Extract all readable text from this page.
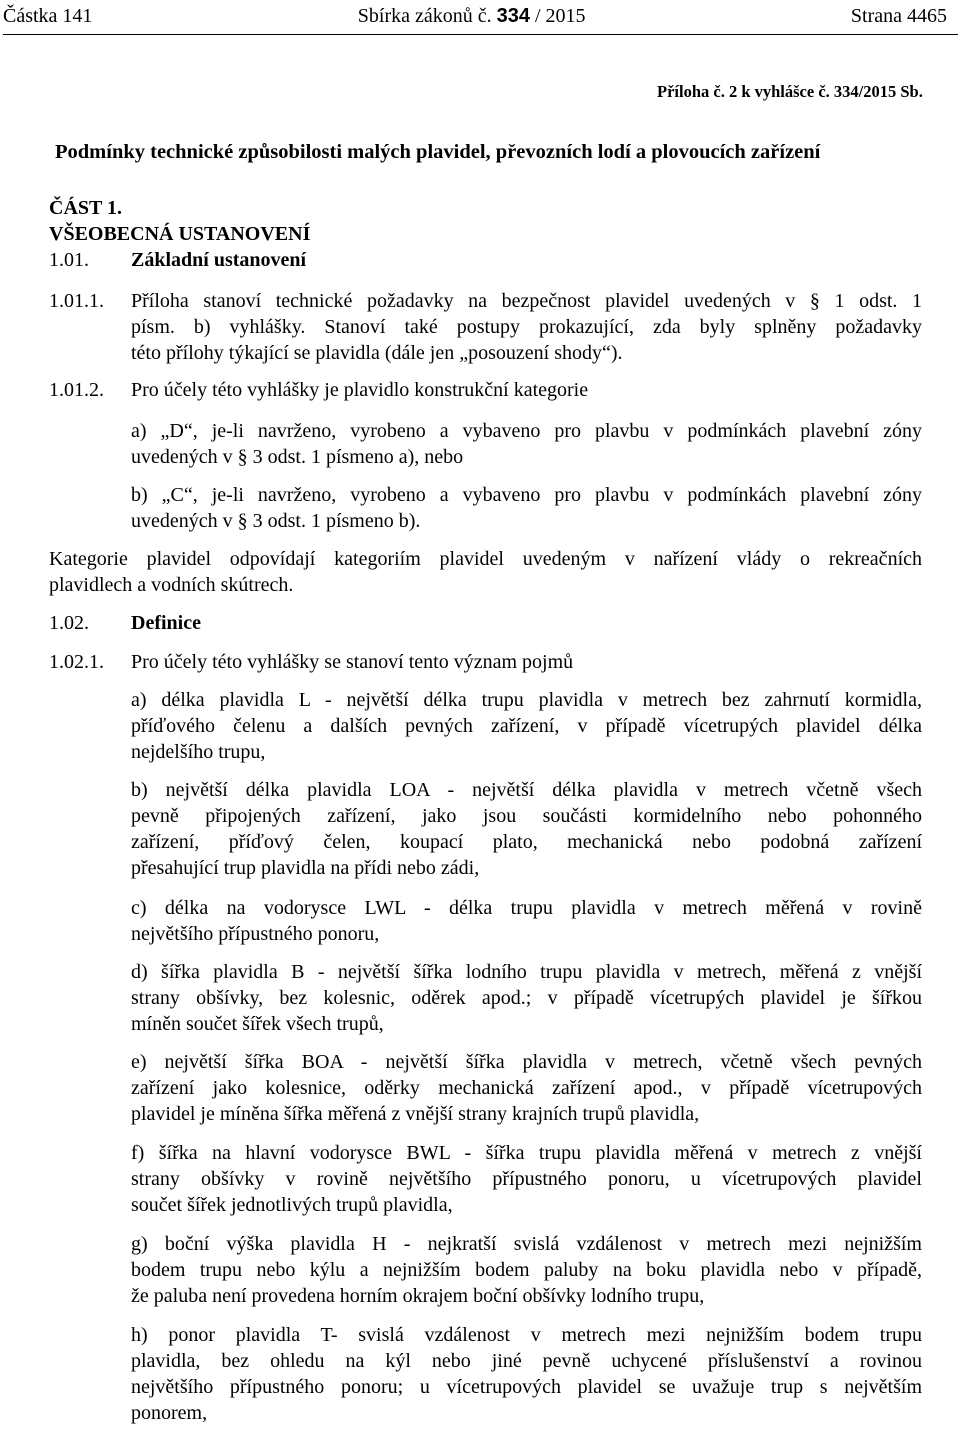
Částka 141	Sbírka zákonů č. 334 / 2015	Strana 4465
Příloha č. 2 k vyhlášce č. 334/2015 Sb.
Podmínky technické způsobilosti malých plavidel, převozních lodí a plovoucích zařízení
ČÁST 1.
VŠEOBECNÁ USTANOVENÍ
1.01. Základní ustanovení
1.01.1. Příloha stanoví technické požadavky na bezpečnost plavidel uvedených v § 1 odst. 1
písm. b) vyhlášky. Stanoví také postupy prokazující, zda byly splněny požadavky
této přílohy týkající se plavidla (dále jen „posouzení shody“).
1.01.2. Pro účely této vyhlášky je plavidlo konstrukční kategorie
a) „D“, je-li navrženo, vyrobeno a vybaveno pro plavbu v podmínkách plavební zóny
uvedených v § 3 odst. 1 písmeno a), nebo
b) „C“, je-li navrženo, vyrobeno a vybaveno pro plavbu v podmínkách plavební zóny
uvedených v § 3 odst. 1 písmeno b).
Kategorie plavidel odpovídají kategoriím plavidel uvedeným v nařízení vlády o rekreačních
plavidlech a vodních skútrech.
1.02. Definice
1.02.1. Pro účely této vyhlášky se stanoví tento význam pojmů
a) délka plavidla L - největší délka trupu plavidla v metrech bez zahrnutí kormidla,
příďového čelenu a dalších pevných zařízení, v případě vícetrupých plavidel délka
nejdelšího trupu,
b) největší délka plavidla LOA - největší délka plavidla v metrech včetně všech
pevně připojených zařízení, jako jsou součásti kormidelního nebo pohonného
zařízení, příďový čelen, koupací plato, mechanická nebo podobná zařízení
přesahující trup plavidla na přídi nebo zádi,
c) délka na vodorysce LWL - délka trupu plavidla v metrech měřená v rovině
největšího přípustného ponoru,
d) šířka plavidla B - největší šířka lodního trupu plavidla v metrech, měřená z vnější
strany obšívky, bez kolesnic, oděrek apod.; v případě vícetrupých plavidel je šířkou
míněn součet šířek všech trupů,
e) největší šířka BOA - největší šířka plavidla v metrech, včetně všech pevných
zařízení jako kolesnice, oděrky mechanická zařízení apod., v případě vícetrupových
plavidel je míněna šířka měřená z vnější strany krajních trupů plavidla,
f) šířka na hlavní vodorysce BWL - šířka trupu plavidla měřená v metrech z vnější
strany obšívky v rovině největšího přípustného ponoru, u vícetrupových plavidel
součet šířek jednotlivých trupů plavidla,
g) boční výška plavidla H - nejkratší svislá vzdálenost v metrech mezi nejnižším
bodem trupu nebo kýlu a nejnižším bodem paluby na boku plavidla nebo v případě,
že paluba není provedena horním okrajem boční obšívky lodního trupu,
h) ponor plavidla T- svislá vzdálenost v metrech mezi nejnižším bodem trupu
plavidla, bez ohledu na kýl nebo jiné pevně uchycené příslušenství a rovinou
největšího přípustného ponoru; u vícetrupových plavidel se uvažuje trup s největším
ponorem,
